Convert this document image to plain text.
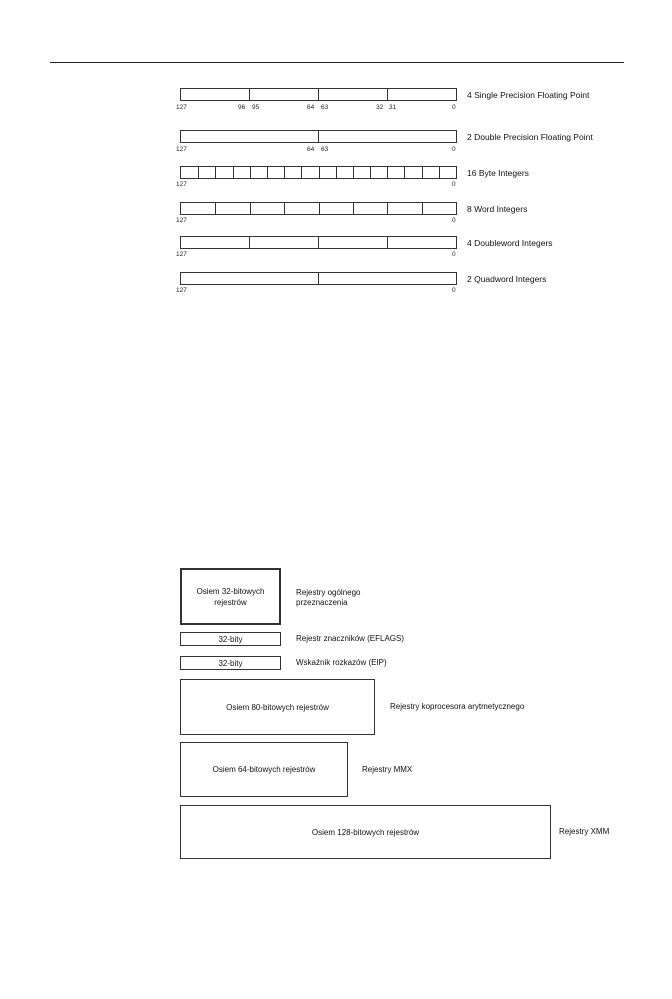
4 Single Precision Floating Point
127	96 95	64 63	32 31	0
2 Double Precision Floating Point
127	64 63	0
16 Byte Integers
127	0
8 Word Integers
127	0
4 Doubleword Integers
127	0
2 Quadword Integers
127	0
Osiem 32-bitowych rejestrów
Rejestry ogólnego przeznaczenia
32-bity	Rejestr znaczników (EFLAGS)
32-bity	Wskaźnik rozkazów (EIP)
Osiem 80-bitowych rejestrów	Rejestry koprocesora arytmetycznego
Osiem 64-bitowych rejestrów	Rejestry MMX
Osiem 128-bitowych rejestrów	Rejestry XMM
